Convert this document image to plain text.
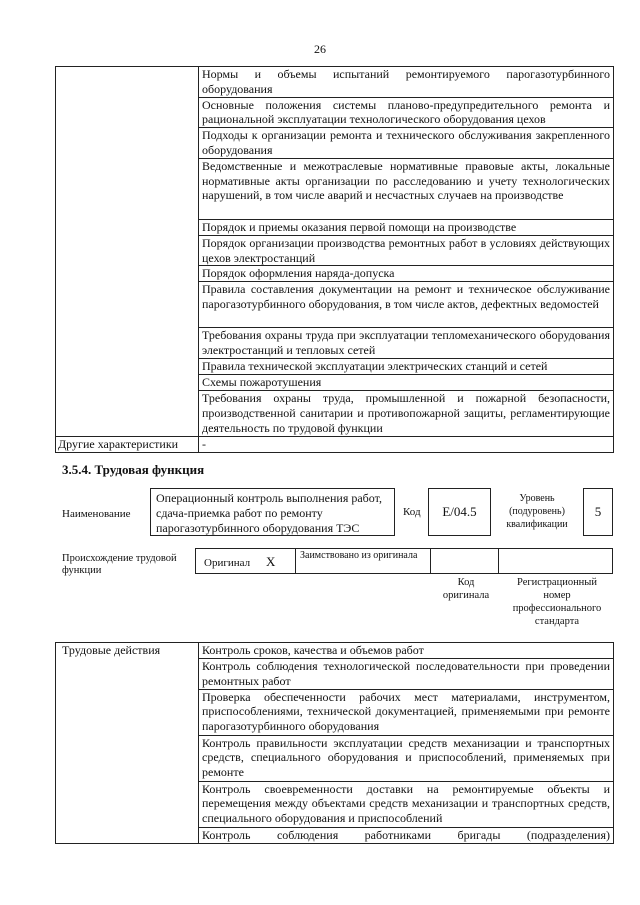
26
	Нормы и объемы испытаний ремонтируемого парогазотурбинного оборудования
	Основные положения системы планово-предупредительного ремонта и рациональной эксплуатации технологического оборудования цехов
	Подходы к организации ремонта и технического обслуживания закрепленного оборудования
	Ведомственные и межотраслевые нормативные правовые акты, локальные нормативные акты организации по расследованию и учету технологических нарушений, в том числе аварий и несчастных случаев на производстве
	Порядок и приемы оказания первой помощи на производстве
	Порядок организации производства ремонтных работ в условиях действующих цехов электростанций
	Порядок оформления наряда-допуска
	Правила составления документации на ремонт и техническое обслуживание парогазотурбинного оборудования, в том числе актов, дефектных ведомостей
	Требования охраны труда при эксплуатации тепломеханического оборудования электростанций и тепловых сетей
	Правила технической эксплуатации электрических станций и сетей
	Схемы пожаротушения
	Требования охраны труда, промышленной и пожарной безопасности, производственной санитарии и противопожарной защиты, регламентирующие деятельность по трудовой функции
Другие характеристики	-
3.5.4. Трудовая функция
Наименование
Операционный контроль выполнения работ, сдача-приемка работ по ремонту парогазотурбинного оборудования ТЭС
Код	E/04.5
Уровень (подуровень) квалификации
5
Происхождение трудовой функции
Оригинал X Заимствовано из оригинала
Код оригинала
Регистрационный номер профессионального стандарта
Трудовые действия	Контроль сроков, качества и объемов работ
Контроль соблюдения технологической последовательности при проведении ремонтных работ
Проверка обеспеченности рабочих мест материалами, инструментом, приспособлениями, технической документацией, применяемыми при ремонте парогазотурбинного оборудования
Контроль правильности эксплуатации средств механизации и транспортных средств, специального оборудования и приспособлений, применяемых при ремонте
Контроль своевременности доставки на ремонтируемые объекты и перемещения между объектами средств механизации и транспортных средств, специального оборудования и приспособлений
Контроль соблюдения работниками бригады (подразделения)
